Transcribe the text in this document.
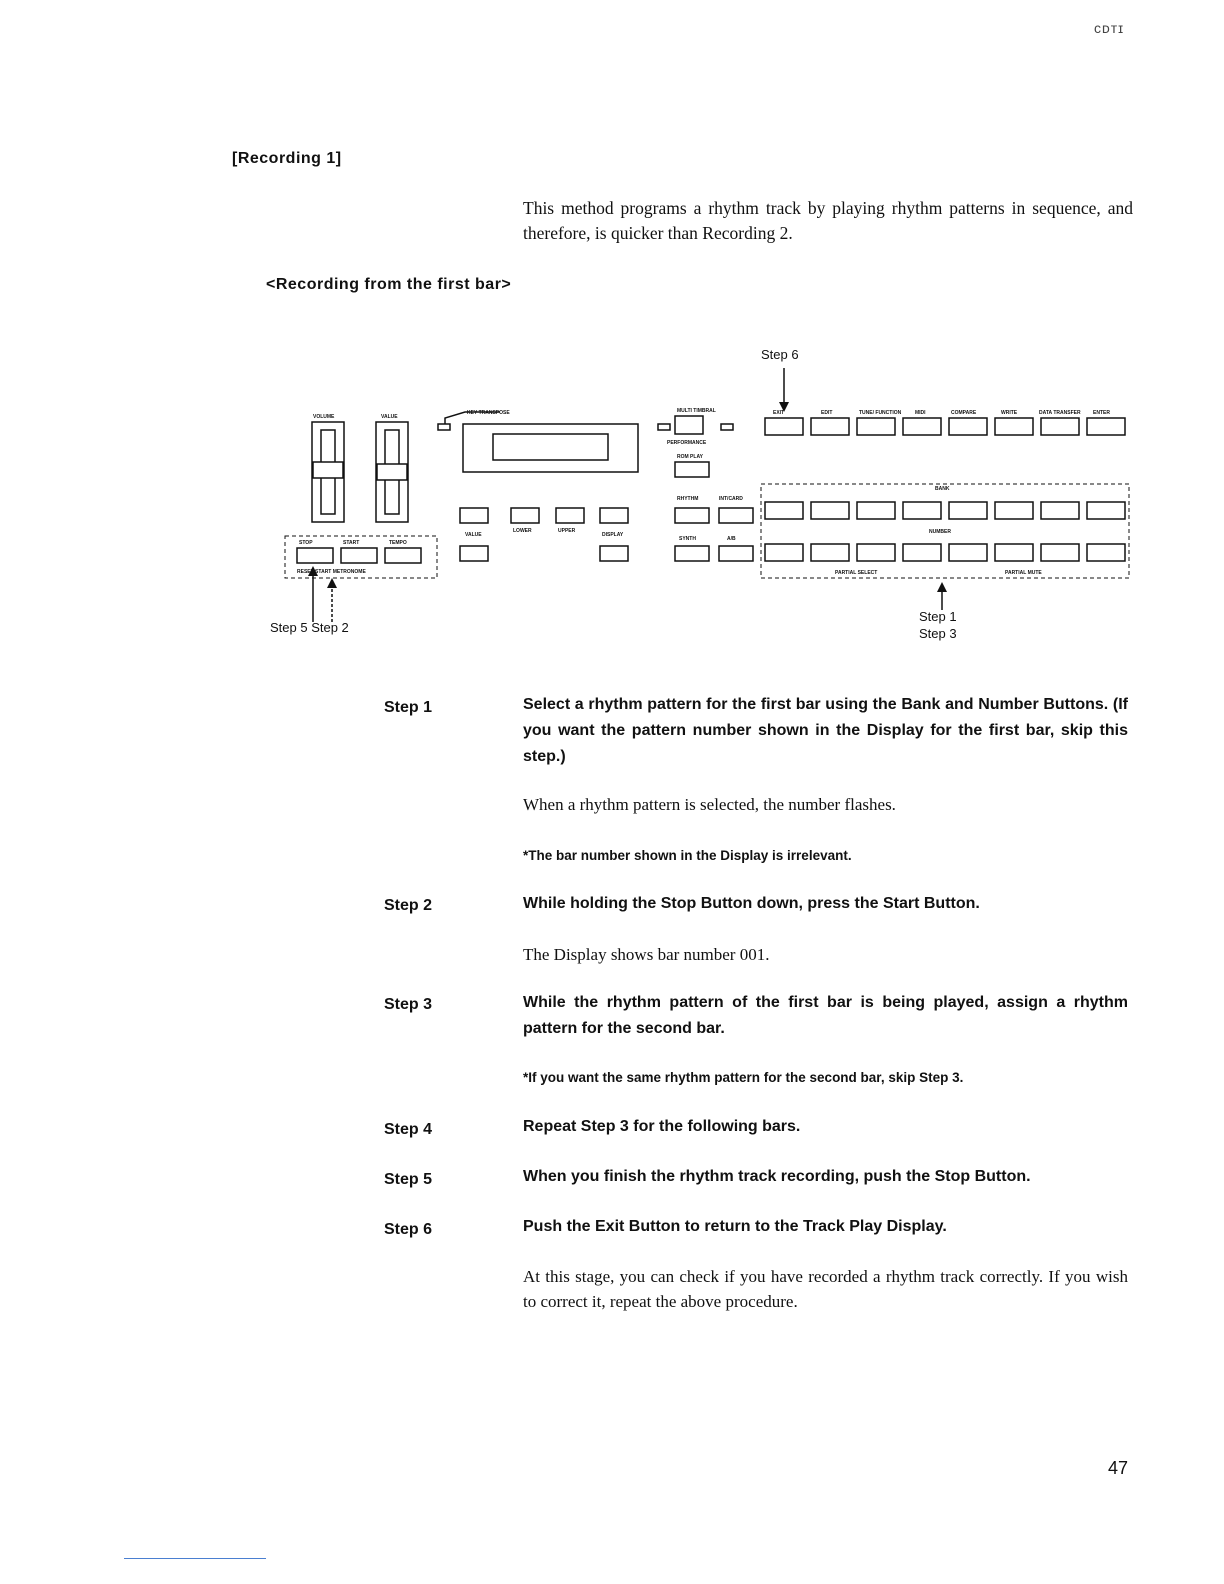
ᴄᴅᴛɪ
[Recording 1]
This method programs a rhythm track by playing rhythm patterns in sequence, and therefore, is quicker than Recording 2.
<Recording from the first bar>
VOLUME	VALUE
KEY TRANSPOSE	MULTI TIMBRAL
PERFORMANCE
ROM PLAY
EXIT	EDIT	TUNE/ FUNCTION	MIDI	COMPARE	WRITE	DATA TRANSFER ENTER
RHYTHM	INT/CARD
SYNTH	A/B
BANK
NUMBER
STOP	START	TEMPO
RESET START METRONOME
LOWER	UPPER
VALUE	DISPLAY
PARTIAL SELECT	PARTIAL MUTE
Step 6
Step 5 Step 2
Step 1
Step 3
Step 1	Select a rhythm pattern for the first bar using the Bank and Number Buttons. (If you want the pattern number shown in the Display for the first bar, skip this step.)
When a rhythm pattern is selected, the number flashes.
*The bar number shown in the Display is irrelevant.
Step 2	While holding the Stop Button down, press the Start Button.
The Display shows bar number 001.
Step 3	While the rhythm pattern of the first bar is being played, assign a rhythm pattern for the second bar.
*If you want the same rhythm pattern for the second bar, skip Step 3.
Step 4	Repeat Step 3 for the following bars.
Step 5	When you finish the rhythm track recording, push the Stop Button.
Step 6	Push the Exit Button to return to the Track Play Display.
At this stage, you can check if you have recorded a rhythm track correctly. If you wish to correct it, repeat the above procedure.
47
